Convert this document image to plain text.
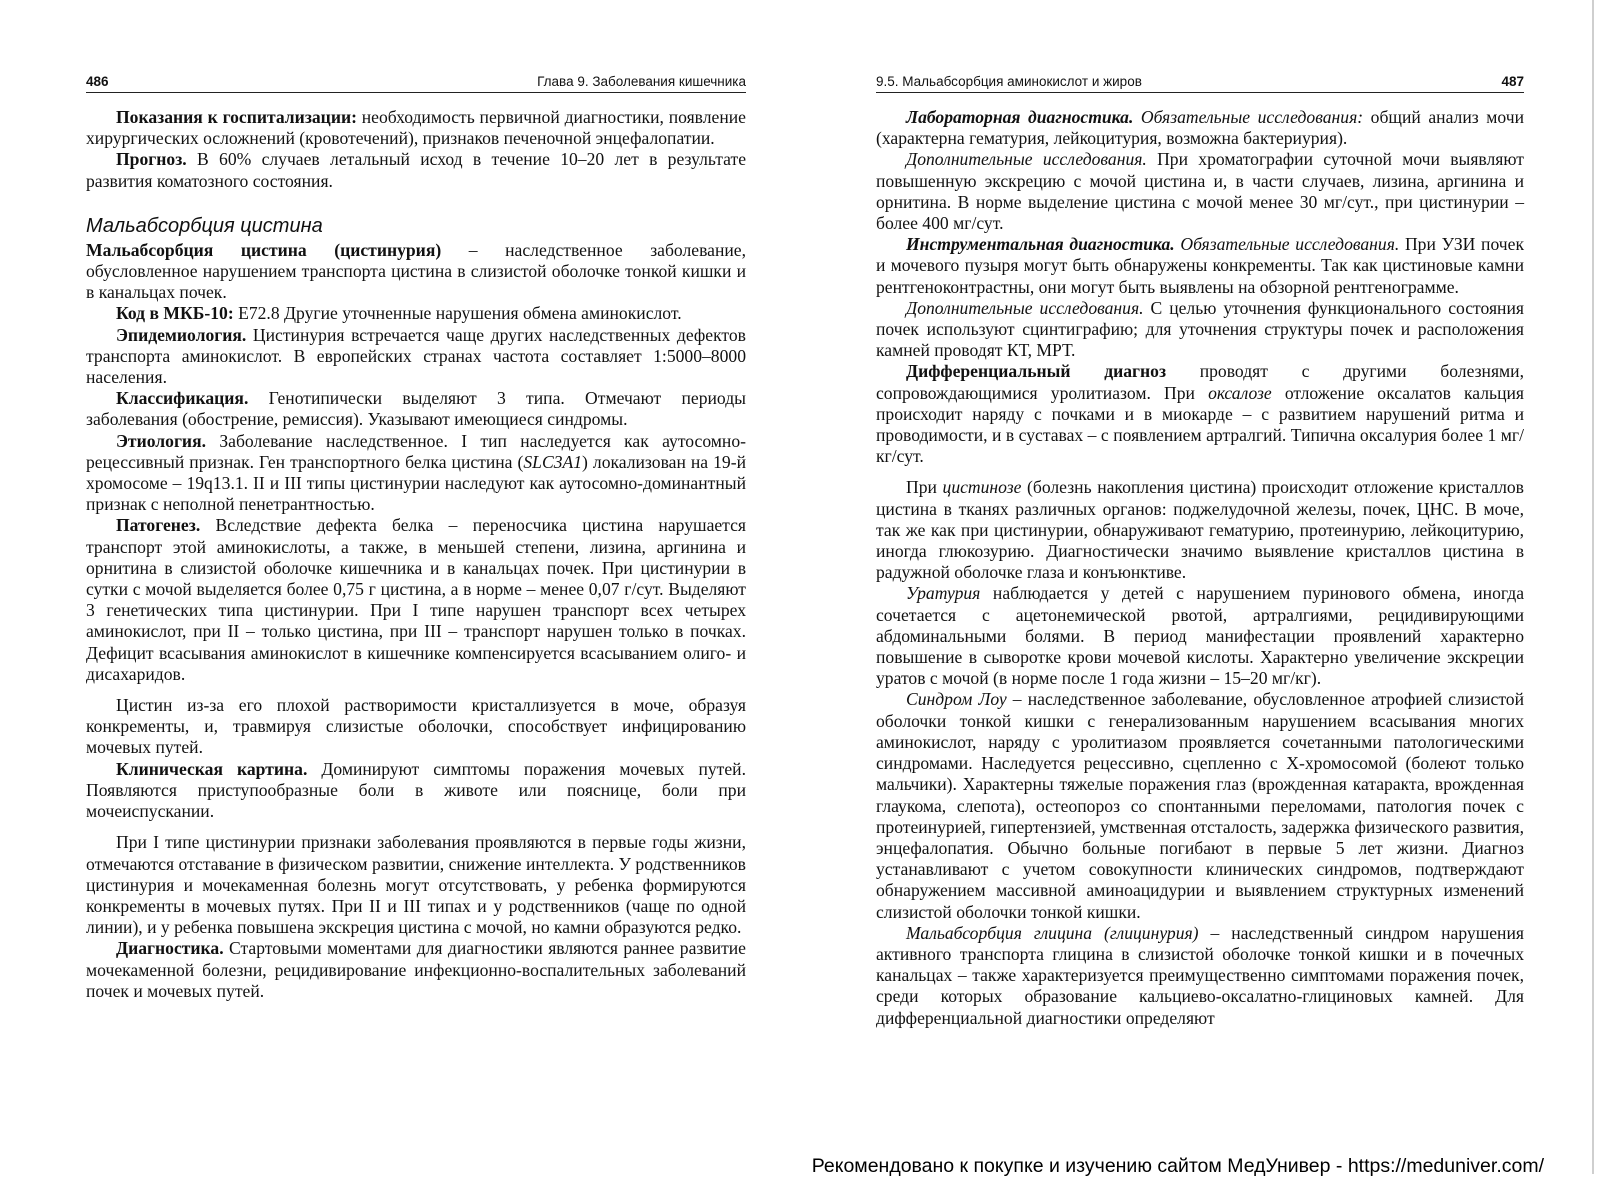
486	Глава 9. Заболевания кишечника

Показания к госпитализации: необходимость первичной диагностики, появление хирургических осложнений (кровотечений), признаков печеночной энцефалопатии.

Прогноз. В 60% случаев летальный исход в течение 10–20 лет в результате развития коматозного состояния.

Мальабсорбция цистина

Мальабсорбция цистина (цистинурия) – наследственное заболевание, обусловленное нарушением транспорта цистина в слизистой оболочке тонкой кишки и в канальцах почек.

Код в МКБ-10: E72.8 Другие уточненные нарушения обмена аминокислот.

Эпидемиология. Цистинурия встречается чаще других наследственных дефектов транспорта аминокислот. В европейских странах частота составляет 1:5000–8000 населения.

Классификация. Генотипически выделяют 3 типа. Отмечают периоды заболевания (обострение, ремиссия). Указывают имеющиеся синдромы.

Этиология. Заболевание наследственное. I тип наследуется как аутосомно-рецессивный признак. Ген транспортного белка цистина (SLC3A1) локализован на 19-й хромосоме – 19q13.1. II и III типы цистинурии наследуют как аутосомно-доминантный признак с неполной пенетрантностью.

Патогенез. Вследствие дефекта белка – переносчика цистина нарушается транспорт этой аминокислоты, а также, в меньшей степени, лизина, аргинина и орнитина в слизистой оболочке кишечника и в канальцах почек. При цистинурии в сутки с мочой выделяется более 0,75 г цистина, а в норме – менее 0,07 г/сут. Выделяют 3 генетических типа цистинурии. При I типе нарушен транспорт всех четырех аминокислот, при II – только цистина, при III – транспорт нарушен только в почках. Дефицит всасывания аминокислот в кишечнике компенсируется всасыванием олиго- и дисахаридов.

Цистин из-за его плохой растворимости кристаллизуется в моче, образуя конкременты, и, травмируя слизистые оболочки, способствует инфицированию мочевых путей.

Клиническая картина. Доминируют симптомы поражения мочевых путей. Появляются приступообразные боли в животе или пояснице, боли при мочеиспускании.

При I типе цистинурии признаки заболевания проявляются в первые годы жизни, отмечаются отставание в физическом развитии, снижение интеллекта. У родственников цистинурия и мочекаменная болезнь могут отсутствовать, у ребенка формируются конкременты в мочевых путях. При II и III типах и у родственников (чаще по одной линии), и у ребенка повышена экскреция цистина с мочой, но камни образуются редко.

Диагностика. Стартовыми моментами для диагностики являются раннее развитие мочекаменной болезни, рецидивирование инфекционно-воспалительных заболеваний почек и мочевых путей.

9.5. Мальабсорбция аминокислот и жиров	487

Лабораторная диагностика. Обязательные исследования: общий анализ мочи (характерна гематурия, лейкоцитурия, возможна бактериурия).

Дополнительные исследования. При хроматографии суточной мочи выявляют повышенную экскрецию с мочой цистина и, в части случаев, лизина, аргинина и орнитина. В норме выделение цистина с мочой менее 30 мг/сут., при цистинурии – более 400 мг/сут.

Инструментальная диагностика. Обязательные исследования. При УЗИ почек и мочевого пузыря могут быть обнаружены конкременты. Так как цистиновые камни рентгеноконтрастны, они могут быть выявлены на обзорной рентгенограмме.

Дополнительные исследования. С целью уточнения функционального состояния почек используют сцинтиграфию; для уточнения структуры почек и расположения камней проводят КТ, МРТ.

Дифференциальный диагноз проводят с другими болезнями, сопровождающимися уролитиазом. При оксалозе отложение оксалатов кальция происходит наряду с почками и в миокарде – с развитием нарушений ритма и проводимости, и в суставах – с появлением артралгий. Типична оксалурия более 1 мг/кг/сут.

При цистинозе (болезнь накопления цистина) происходит отложение кристаллов цистина в тканях различных органов: поджелудочной железы, почек, ЦНС. В моче, так же как при цистинурии, обнаруживают гематурию, протеинурию, лейкоцитурию, иногда глюкозурию. Диагностически значимо выявление кристаллов цистина в радужной оболочке глаза и конъюнктиве.

Уратурия наблюдается у детей с нарушением пуринового обмена, иногда сочетается с ацетонемической рвотой, артралгиями, рецидивирующими абдоминальными болями. В период манифестации проявлений характерно повышение в сыворотке крови мочевой кислоты. Характерно увеличение экскреции уратов с мочой (в норме после 1 года жизни – 15–20 мг/кг).

Синдром Лоу – наследственное заболевание, обусловленное атрофией слизистой оболочки тонкой кишки с генерализованным нарушением всасывания многих аминокислот, наряду с уролитиазом проявляется сочетанными патологическими синдромами. Наследуется рецессивно, сцепленно с X-хромосомой (болеют только мальчики). Характерны тяжелые поражения глаз (врожденная катаракта, врожденная глаукома, слепота), остеопороз со спонтанными переломами, патология почек с протеинурией, гипертензией, умственная отсталость, задержка физического развития, энцефалопатия. Обычно больные погибают в первые 5 лет жизни. Диагноз устанавливают с учетом совокупности клинических синдромов, подтверждают обнаружением массивной аминоацидурии и выявлением структурных изменений слизистой оболочки тонкой кишки.

Мальабсорбция глицина (глицинурия) – наследственный синдром нарушения активного транспорта глицина в слизистой оболочке тонкой кишки и в почечных канальцах – также характеризуется преимущественно симптомами поражения почек, среди которых образование кальциево-оксалатно-глициновых камней. Для дифференциальной диагностики определяют

Рекомендовано к покупке и изучению сайтом МедУнивер - https://meduniver.com/
